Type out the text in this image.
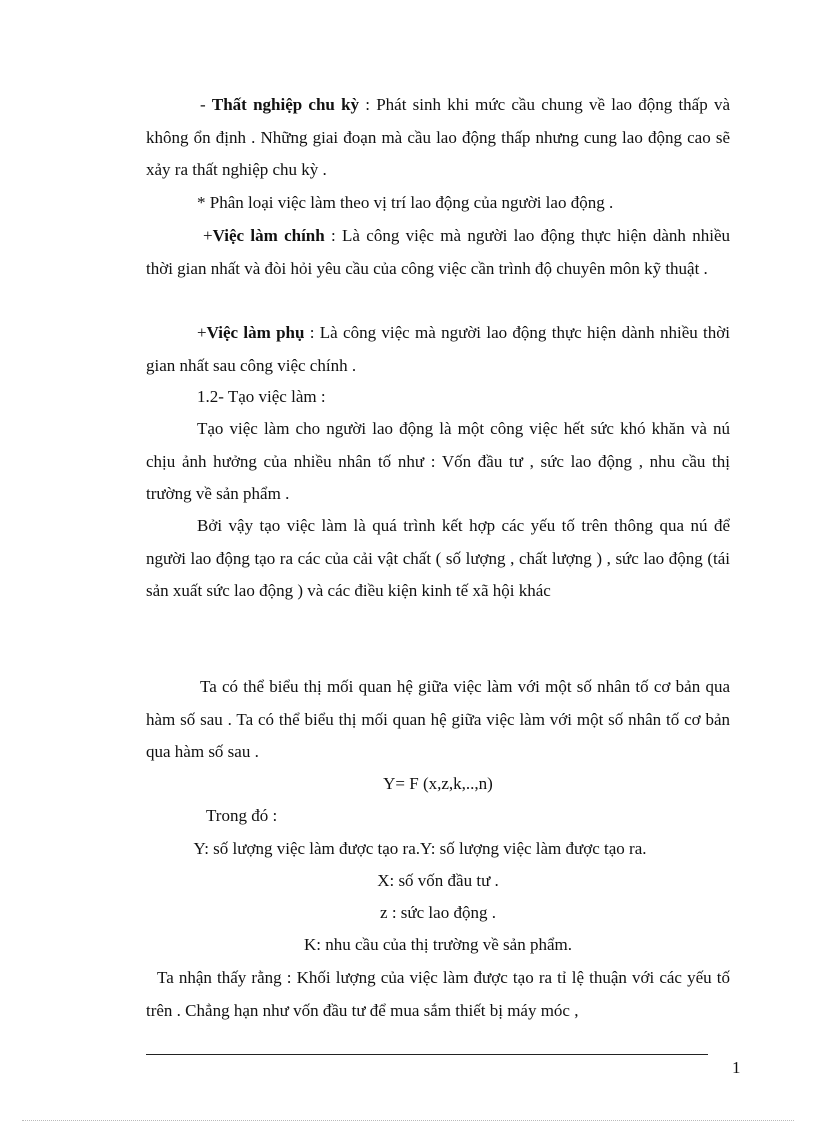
- Thất nghiệp chu kỳ : Phát sinh khi mức cầu chung về lao động thấp và không ổn định . Những giai đoạn mà cầu lao động thấp nhưng cung lao động cao sẽ xảy ra thất nghiệp chu kỳ .

* Phân loại việc làm theo vị trí lao động của người lao động .

+Việc làm chính : Là công việc mà người lao động thực hiện dành nhiều thời gian nhất và đòi hỏi yêu cầu của công việc cần trình độ chuyên môn kỹ thuật .

+Việc làm phụ : Là công việc mà người lao động thực hiện dành nhiều thời gian nhất sau công việc chính .

1.2- Tạo việc làm :

Tạo việc làm cho người lao động là một công việc hết sức khó khăn và nú chịu ảnh hưởng của nhiều nhân tố như : Vốn đầu tư , sức lao động , nhu cầu thị trường về sản phẩm .

Bởi vậy tạo việc làm là quá trình kết hợp các yếu tố trên thông qua nú để người lao động tạo ra các của cải vật chất ( số lượng , chất lượng ) , sức lao động (tái sản xuất sức lao động ) và các điều kiện kinh tế xã hội khác

Ta có thể biểu thị mối quan hệ giữa việc làm với một số nhân tố cơ bản qua hàm số sau . Ta có thể biểu thị mối quan hệ giữa việc làm với một số nhân tố cơ bản qua hàm số sau .

Y= F (x,z,k,..,n)

Trong đó :

Y: số lượng việc làm được tạo ra.Y: số lượng việc làm được tạo ra.

X: số vốn đầu tư .

z : sức lao động .

K: nhu cầu của thị trường về sản phẩm.

Ta nhận thấy rằng : Khối lượng của việc làm được tạo ra tỉ lệ thuận với các yếu tố trên . Chẳng hạn như vốn đầu tư để mua sắm thiết bị máy móc ,

1
